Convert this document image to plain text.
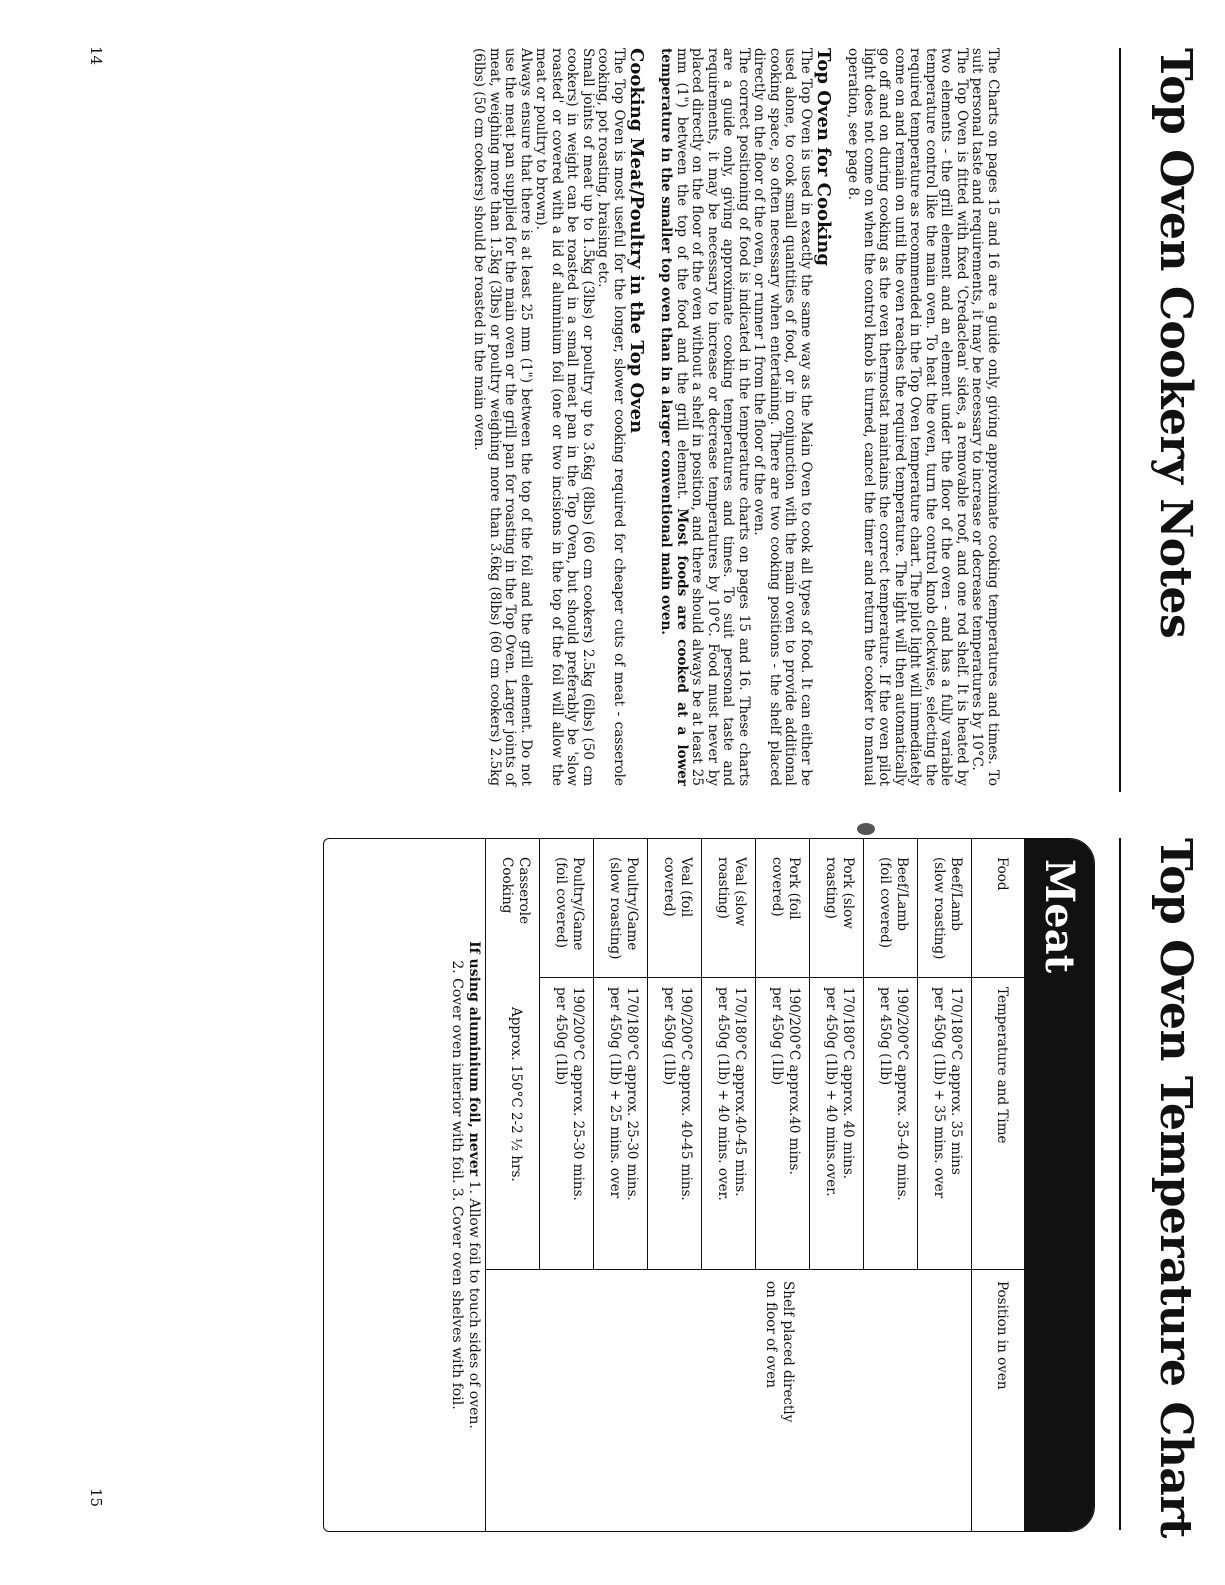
14	Top Oven Cookery Notes

The Charts on pages 15 and 16 are a guide only, giving approximate cooking temperatures and times. To suit personal taste and requirements, it may be necessary to increase or decrease temperatures by 10°C.

The Top Oven is fitted with fixed 'Credaclean' sides, a removable roof, and one rod shelf. It is heated by two elements - the grill element and an element under the floor of the oven - and has a fully variable temperature control like the main oven. To heat the oven, turn the control knob clockwise, selecting the required temperature as recommended in the Top Oven temperature chart. The pilot light will immediately come on and remain on until the oven reaches the required temperature. The light will then automatically go off and on during cooking as the oven thermostat maintains the correct temperature. If the oven pilot light does not come on when the control knob is turned, cancel the timer and return the cooker to manual operation, see page 8.

Top Oven for Cooking

The Top Oven is used in exactly the same way as the Main Oven to cook all types of food. It can either be used alone, to cook small quantities of food, or in conjunction with the main oven to provide additional cooking space, so often necessary when entertaining. There are two cooking positions - the shelf placed directly on the floor of the oven, or runner 1 from the floor of the oven.

The correct positioning of food is indicated in the temperature charts on pages 15 and 16. These charts are a guide only, giving approximate cooking temperatures and times. To suit personal taste and requirements, it may be necessary to increase or decrease temperatures by 10°C. Food must never by placed directly on the floor of the oven without a shelf in position, and there should always be at least 25 mm (1") between the top of the food and the grill element. Most foods are cooked at a lower temperature in the smaller top oven than in a larger conventional main oven.

Cooking Meat/Poultry in the Top Oven

The Top Oven is most useful for the longer, slower cooking required for cheaper cuts of meat - casserole cooking, pot roasting, braising etc.

Small joints of meat up to 1.5kg (3lbs) or poultry up to 3.6kg (8lbs) (60 cm cookers) 2.5kg (6lbs) (50 cm cookers) in weight can be roasted in a small meat pan in the Top Oven, but should preferably be 'slow roasted' or covered with a lid of aluminium foil (one or two incisions in the top of the foil will allow the meat or poultry to brown).

Always ensure that there is at least 25 mm (1") between the top of the foil and the grill element. Do not use the meat pan supplied for the main oven or the grill pan for roasting in the Top Oven. Larger joints of meat, weighing more than 1.5kg (3lbs) or poultry weighing more than 3.6kg (8lbs) (60 cm cookers) 2.5kg (6lbs) (50 cm cookers) should be roasted in the main oven.

15	Top Oven Temperature Chart
Meat
Food
Temperature and Time
Position in oven
Beef/Lamb
(slow roasting)
170/180°C approx. 35 mins
per 450g (1lb) + 35 mins. over
Beef/Lamb
(foil covered)
190/200°C approx. 35-40 mins.
per 450g (1lb)
Pork (slow
roasting)
170/180°C approx. 40 mins.
per 450g (1lb) + 40 mins.over.
Pork (foil
covered)
190/200°C approx.40 mins.
per 450g (1lb)
Veal (slow
roasting)
170/180°C approx.40-45 mins.
per 450g (1lb) + 40 mins. over.
Veal (foil
covered)
190/200°C approx. 40-45 mins.
per 450g (1lb)
Poultry/Game
(slow roasting)
170/180°C approx. 25-30 mins.
per 450g (1lb) + 25 mins. over
Poultry/Game
(foil covered)
190/200°C approx. 25-30 mins.
per 450g (1lb)
Casserole
Cooking
Approx. 150°C 2-2 ½ hrs.
Shelf placed directly
on floor of oven
If using aluminium foil, never 1. Allow foil to touch sides of oven.
2. Cover oven interior with foil. 3. Cover oven shelves with foil.
